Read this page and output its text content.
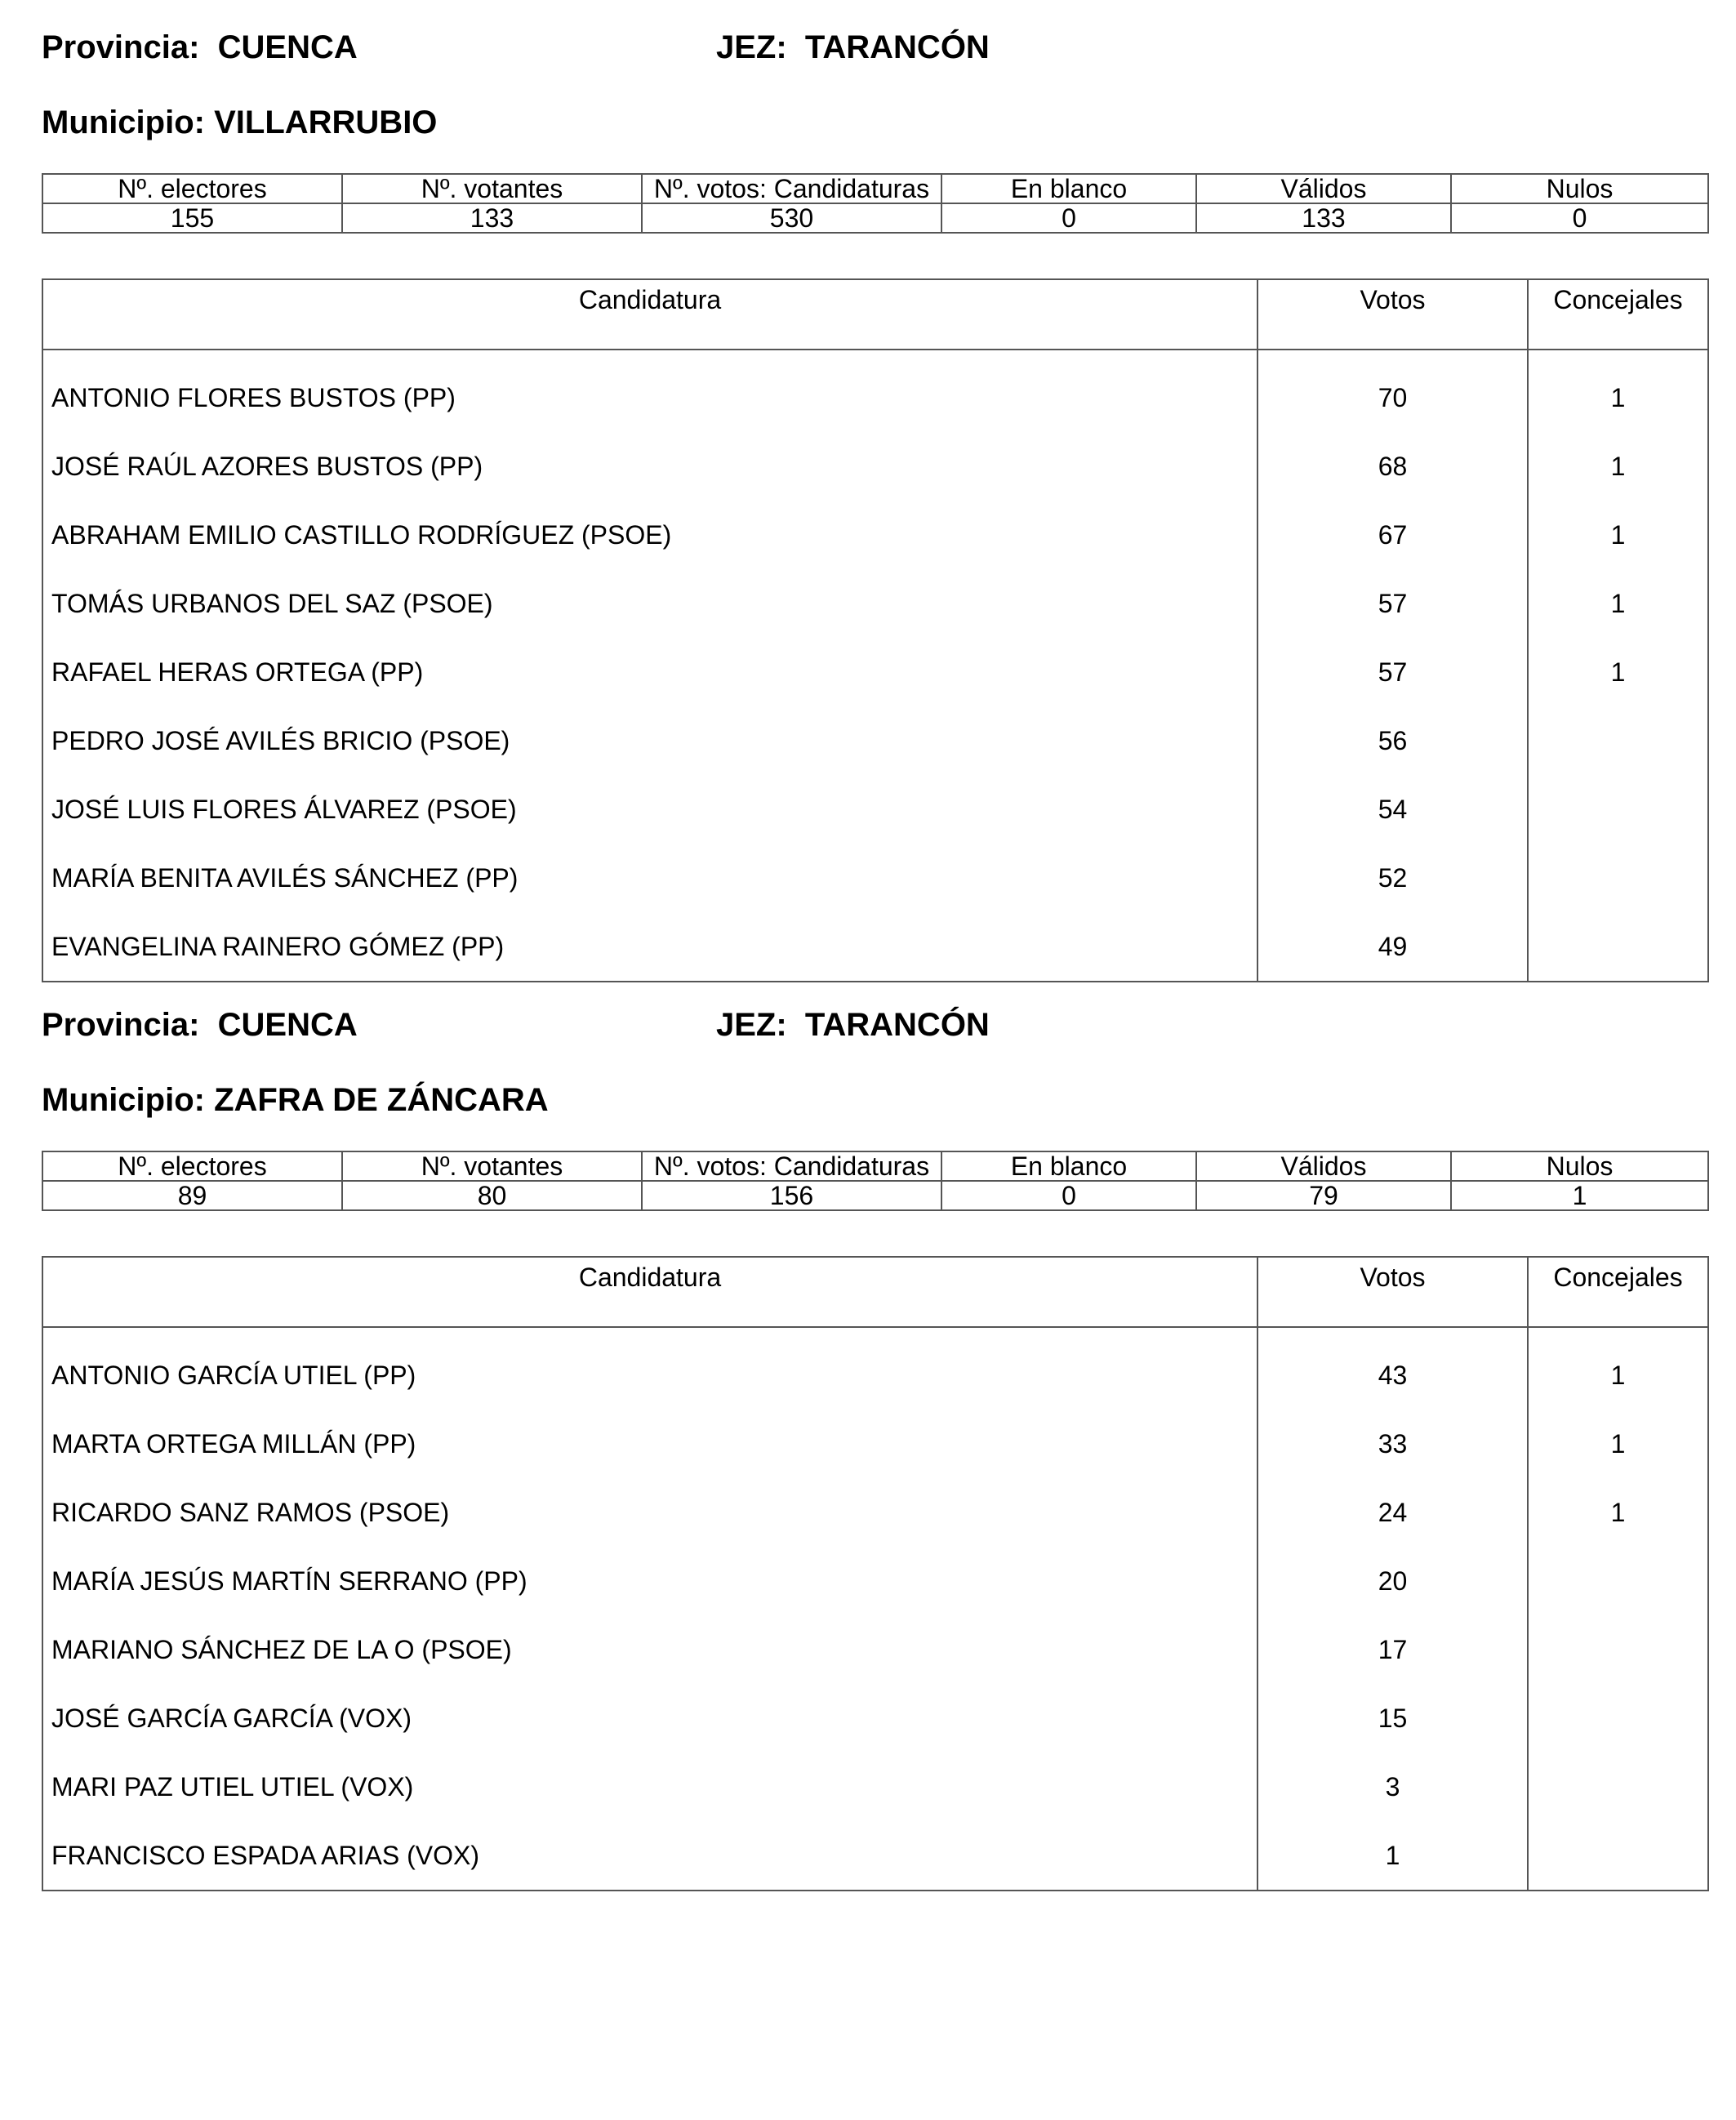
Provincia: CUENCA	JEZ: TARANCÓN
Municipio: VILLARRUBIO
Nº. electores	Nº. votantes	Nº. votos: Candidaturas	En blanco	Válidos	Nulos
155	133	530	0	133	0
Candidatura	Votos	Concejales

ANTONIO FLORES BUSTOS (PP)	70	1
JOSÉ RAÚL AZORES BUSTOS (PP)	68	1
ABRAHAM EMILIO CASTILLO RODRÍGUEZ (PSOE)	67	1
TOMÁS URBANOS DEL SAZ (PSOE)	57	1
RAFAEL HERAS ORTEGA (PP)	57	1
PEDRO JOSÉ AVILÉS BRICIO (PSOE)	56	
JOSÉ LUIS FLORES ÁLVAREZ (PSOE)	54	
MARÍA BENITA AVILÉS SÁNCHEZ (PP)	52	
EVANGELINA RAINERO GÓMEZ (PP)	49	
Provincia: CUENCA	JEZ: TARANCÓN
Municipio: ZAFRA DE ZÁNCARA
Nº. electores	Nº. votantes	Nº. votos: Candidaturas	En blanco	Válidos	Nulos
89	80	156	0	79	1
Candidatura	Votos	Concejales

ANTONIO GARCÍA UTIEL (PP)	43	1
MARTA ORTEGA MILLÁN (PP)	33	1
RICARDO SANZ RAMOS (PSOE)	24	1
MARÍA JESÚS MARTÍN SERRANO (PP)	20	
MARIANO SÁNCHEZ DE LA O (PSOE)	17	
JOSÉ GARCÍA GARCÍA (VOX)	15	
MARI PAZ UTIEL UTIEL (VOX)	3	
FRANCISCO ESPADA ARIAS (VOX)	1	
